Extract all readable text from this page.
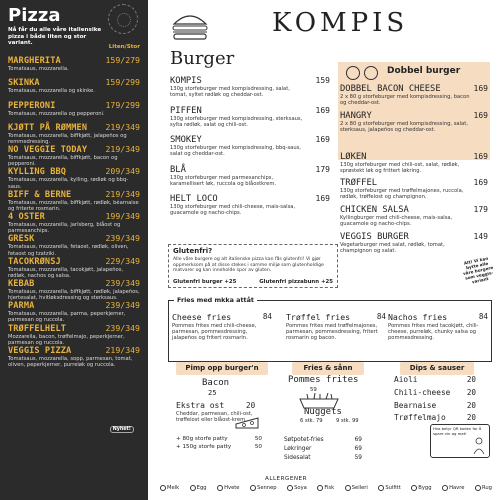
Pizza
Nå får du alle våre italiensike pizza i både liten og stor variant.
Liten/Stor
MARGHERITA	159/279
Tomatsaus, mozzarella.
SKINKA	159/299
Tomatsaus, mozzarella og skinke.
PEPPERONI	179/299
Tomatsaus, mozzarella og pepperoni.
KJØTT PÅ RØMMEN 219/349
Tomatsaus, mozzarella, biffkjøtt, jalapeños og remmedressing.
NO VEGGIE TODAY 219/349
Tomatsaus, mozzarella, biffkjøtt, bacon og pepperoni.
KYLLING BBQ	209/349
Tomatsaus, mozzarella, kylling, rødløk og bbq-saus.
BIFF & BERNE	219/349
Tomatsaus, mozzarella, biffkjøtt, rødløk, béarnaise og friterte rosmarin.
4 OSTER	199/349
Tomatsaus, mozzarella, jarlsberg, blåost og parmesanchips.
GRESK	239/349
Tomatsaus, mozzarella, fetaost, rødløk, oliven, fetaost og tzatziki.
TACOKRØNSJ	229/349
Tomatsaus, mozzarella, tacokjøtt, jalapeños, rødløk, nachos og salsa.
KEBAB	239/349
Tomatsaus, mozzarella, biffkjøtt, rødløk, jalapeños, hjertesalat, hvitløksdressing og sterksaus.
PARMA	239/349
Tomatsaus, mozzarella, parma, peperkjerner, parmesan og ruccola.
TRØFFELHELT	239/349
Mozzarella, bacon, trøffelmajo, peperkjerner, parmesan og ruccola.
VEGGIS PIZZA	219/349
Tomatsaus, mozzarella, sopp, parmesan, tomat, oliven, peperkjerner, purreløk og ruccola.
Nyhet!
KOMPIS
Burger
KOMPIS	159
130g storfeburger med kompisdressing, salat, tomat, syltet rødløk og cheddar-ost.
PIFFEN	169
130g storfeburger med kompisdressing, sterksaus, sylta rødløk, salat og chili-ost.
SMOKEY	169
130g storfeburger med kompisdressing, bbq-saus, salat og cheddar-ost.
BLÅ	179
130g storfeburger med parmesanchips, karamellisert løk, ruccola og blåostkrem.
HELT LOCO	169
130g storfeburger med chili-cheese, mais-salsa, guacamole og nacho-chips.
Dobbel burger
DOBBEL BACON CHEESE	169
2 x 80 g storfeburger med kompisdressing, bacon og cheddar-ost.
HANGRY	169
2 x 80 g storfeburger med kompisdressing, salat, sterksaus, jalapeños og cheddar-ost.
LØKEN	169
130g storfeburger med chili-ost, salat, rødløk, sprøstekt løk og frittert løkring.
TRØFFEL	169
130g storfeburger med trøffelmajones, ruccola, rødløk, trøffelost og champignon.
CHICKEN SALSA	179
Kyllingburger med chili-cheese, mais-salsa, guacamole og nacho-chips.
VEGGIS BURGER	149
Vegetarburger med salat, rødløk, tomat, champignon og salat.
Alt! Vi kan bytte alle våre burgere som veggis-variant
Glutenfri?
Alle våre burgere og alt italienske pizza kan fås glutenfri! Vi gjør oppmerksom på at disse stekes i samme miljø som glutenholdige matvarer og kan inneholde spor av gluten.
Glutenfri burger +25	Glutenfri pizzabunn +25
Fries med mkka attåt
Cheese fries	84
Pommes frites med chili-cheese, parmesan, pommesdressing, jalapeños og fritert rosmarin.
Trøffel fries	84
Pommes frites med trøffelmajones, parmesan, pommesdressing, fritert rosmarin og bacon.
Nachos fries	84
Pommes frites med tacokjøtt, chili-cheese, purreløk, chunky salsa og pommesdressing.
Pimp opp burger'n	Fries & sånn	Dips & sauser
Bacon
25
Ekstra ost	20
Cheddar, parmesan, chili-ost, trøffelost eller blåost-krem.
+ 80g storfe patty	50
+ 150g storfe patty	50
Pommes frites
59
Nuggets
6 stk. 79	9 stk. 99
Søtpotet-fries	69
Løkringer	69
Sidesalat	59
Aioli	20
Chili-cheese 20
Bearnaise	20
Trøffelmajo	20
Hva betyr QR koden for å spare vin og mat!
ALLERGENER
Melk	Egg	Hvete	Sennep	Soya	Fisk	Selleri	Sulfitt	Bygg	Havre	Rug
